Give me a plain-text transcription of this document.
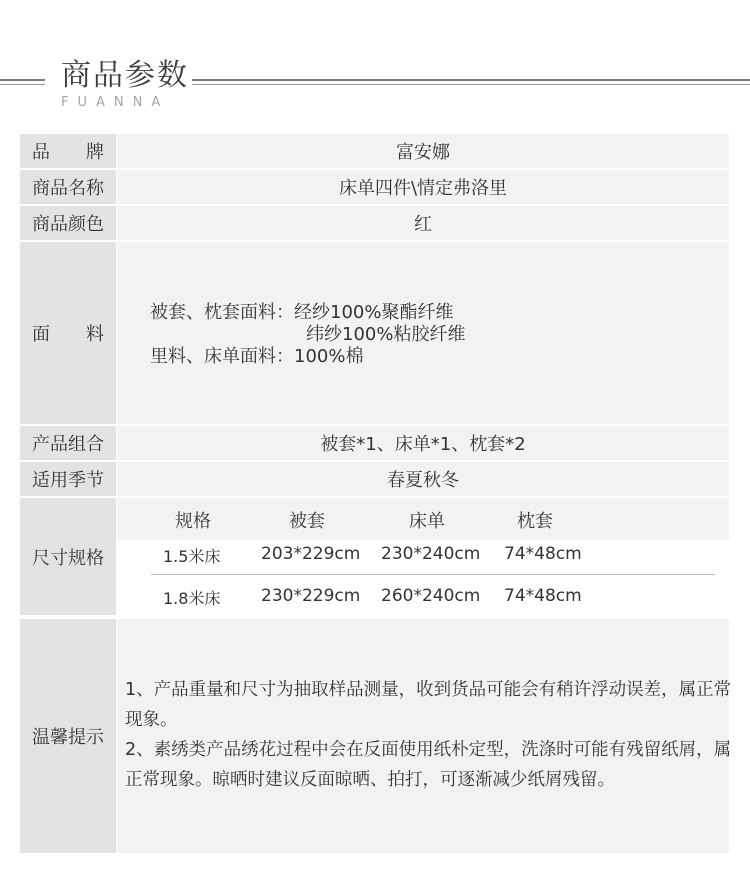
商品参数
FUANNA
品 牌	富安娜
商品名称	床单四件\情定弗洛里
商品颜色	红
面 料
被套、枕套面料：经纱100%聚酯纤维
纬纱100%粘胶纤维
里料、床单面料：100%棉
产品组合	被套*1、床单*1、枕套*2
适用季节	春夏秋冬
尺寸规格
规格	被套	床单	枕套
1.5米床 203*229cm 230*240cm 74*48cm
1.8米床 230*229cm 260*240cm 74*48cm
温馨提示

1、产品重量和尺寸为抽取样品测量，收到货品可能会有稍许浮动误差，属正常现象。

2、素绣类产品绣花过程中会在反面使用纸朴定型，洗涤时可能有残留纸屑，属正常现象。晾晒时建议反面晾晒、拍打，可逐渐减少纸屑残留。
